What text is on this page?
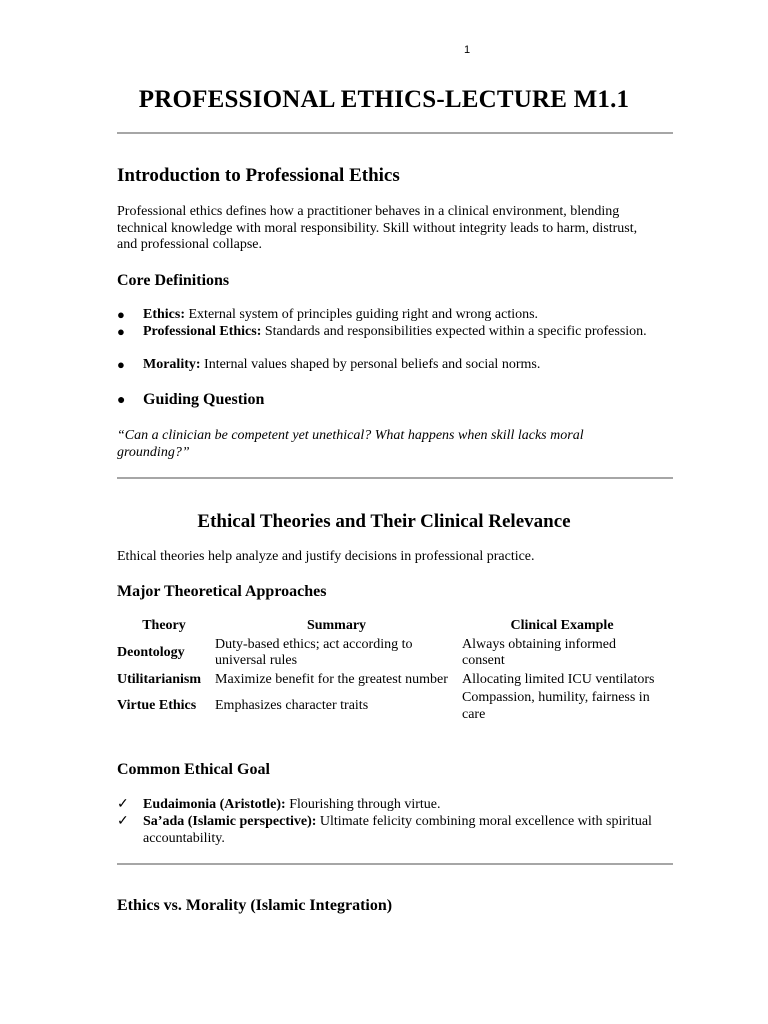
1
PROFESSIONAL ETHICS-LECTURE M1.1
Introduction to Professional Ethics
Professional ethics defines how a practitioner behaves in a clinical environment, blending technical knowledge with moral responsibility. Skill without integrity leads to harm, distrust, and professional collapse.
Core Definitions
●	Ethics: External system of principles guiding right and wrong actions.
●	Professional Ethics: Standards and responsibilities expected within a specific profession.
●	Morality: Internal values shaped by personal beliefs and social norms.
●	Guiding Question
“Can a clinician be competent yet unethical? What happens when skill lacks moral grounding?”
Ethical Theories and Their Clinical Relevance
Ethical theories help analyze and justify decisions in professional practice.
Major Theoretical Approaches
Theory	Summary	Clinical Example
Deontology	Duty-based ethics; act according to universal rules	Always obtaining informed consent
Utilitarianism	Maximize benefit for the greatest number	Allocating limited ICU ventilators
Virtue Ethics	Emphasizes character traits	Compassion, humility, fairness in care
Common Ethical Goal
✓	Eudaimonia (Aristotle): Flourishing through virtue.
✓	Sa’ada (Islamic perspective): Ultimate felicity combining moral excellence with spiritual accountability.
Ethics vs. Morality (Islamic Integration)
